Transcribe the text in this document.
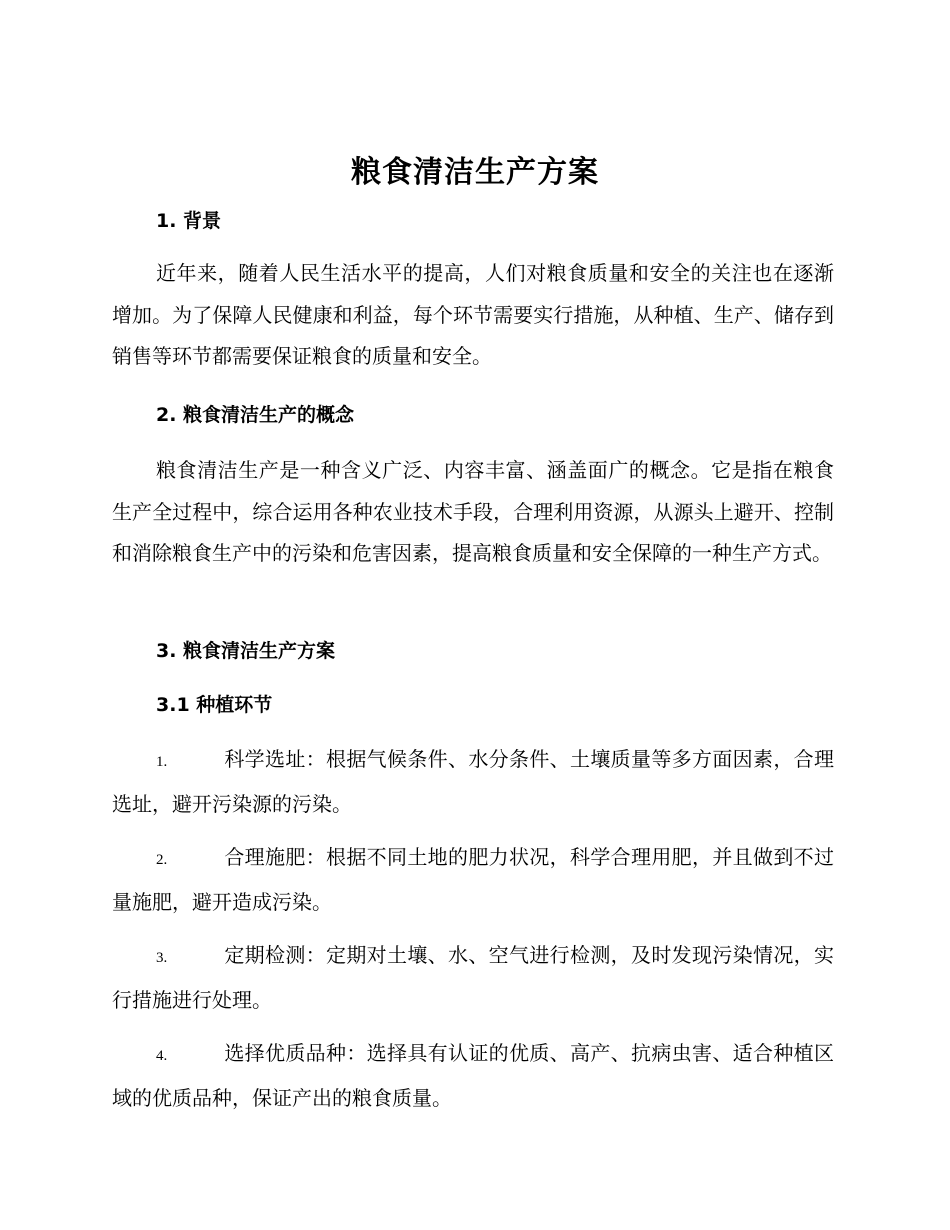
粮食清洁生产方案
1. 背景
近年来，随着人民生活水平的提高，人们对粮食质量和安全的关注也在逐渐增加。为了保障人民健康和利益，每个环节需要实行措施，从种植、生产、储存到销售等环节都需要保证粮食的质量和安全。
2. 粮食清洁生产的概念
粮食清洁生产是一种含义广泛、内容丰富、涵盖面广的概念。它是指在粮食生产全过程中，综合运用各种农业技术手段，合理利用资源，从源头上避开、控制和消除粮食生产中的污染和危害因素，提高粮食质量和安全保障的一种生产方式。
3. 粮食清洁生产方案
3.1 种植环节
1.	科学选址：根据气候条件、水分条件、土壤质量等多方面因素，合理选址，避开污染源的污染。
2.	合理施肥：根据不同土地的肥力状况，科学合理用肥，并且做到不过量施肥，避开造成污染。
3.	定期检测：定期对土壤、水、空气进行检测，及时发现污染情况，实行措施进行处理。
4.	选择优质品种：选择具有认证的优质、高产、抗病虫害、适合种植区域的优质品种，保证产出的粮食质量。
